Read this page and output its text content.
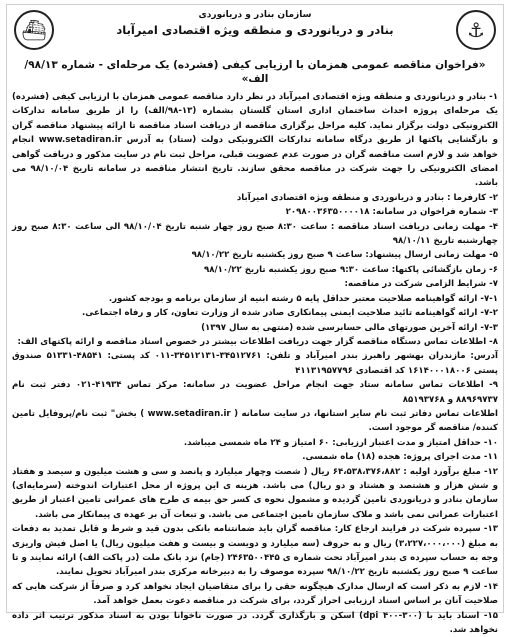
⚓
⛴
سازمان بنادر و دریانوردی
بنادر و دریانوردی و منطقه ویژه اقتصادی امیرآباد
«فراخوان مناقصه عمومی همزمان با ارزیابی کیفی (فشرده) یک مرحله‌ای - شماره ۹۸/۱۳/الف»

۱- بنادر و دریانوردی و منطقه ویژه اقتصادی امیرآباد در نظر دارد مناقصه عمومی همزمان با ارزیابی کیفی (فشرده) یک مرحله‌ای پروژه احداث ساختمان اداری استان گلستان بشماره (۱۳-۹۸/الف) را از طریق سامانه تدارکات الکترونیکی دولت برگزار نماید. کلیه مراحل برگزاری مناقصه از دریافت اسناد مناقصه تا ارائه پیشنهاد مناقصه گران و بازگشایی پاکتها از طریق درگاه سامانه تدارکات الکترونیکی دولت (ستاد) به آدرس www.setadiran.ir انجام خواهد شد و لازم است مناقصه گران در صورت عدم عضویت قبلی، مراحل ثبت نام در سایت مذکور و دریافت گواهی امضای الکترونیکی را جهت شرکت در مناقصه محقق سازند. تاریخ انتشار مناقصه در سامانه تاریخ ۹۸/۱۰/۰۴ می باشد.

۲- کارفرما : بنادر و دریانوردی و منطقه ویژه اقتصادی امیرآباد

۳- شماره فراخوان در سامانه: ۲۰۹۸۰۰۳۶۳۵۰۰۰۰۱۸

۴- مهلت زمانی دریافت اسناد مناقصه : ساعت ۸:۳۰ صبح روز چهار شنبه تاریخ ۹۸/۱۰/۰۴ الی ساعت ۸:۳۰ صبح روز چهارشنبه تاریخ ۹۸/۱۰/۱۱

۵- مهلت زمانی ارسال پیشنهاد: ساعت ۹ صبح روز یکشنبه تاریخ ۹۸/۱۰/۲۲

۶- زمان بازگشائی پاکتها: ساعت ۹:۳۰ صبح روز یکشنبه تاریخ ۹۸/۱۰/۲۲

۷- شرایط الزامی شرکت در مناقصه:

۷-۱- ارائه گواهینامه صلاحیت معتبر حداقل پایه ۵ رشته ابنیه از سازمان برنامه و بودجه کشور.

۷-۲- ارائه گواهینامه تائید صلاحیت ایمنی پیمانکاری صادر شده از وزارت تعاون، کار و رفاه اجتماعی.

۷-۳- ارائه آخرین صورتهای مالی حسابرسی شده (منتهی به سال ۱۳۹۷)

۸- اطلاعات تماس دستگاه مناقصه گزار جهت دریافت اطلاعات بیشتر در خصوص اسناد مناقصه و ارائه پاکتهای الف:

آدرس: مازندران بهشهر راهبرز بندر امیرآباد و تلفن: ۳۴۵۱۲۷۶۱-۳۴۵۱۲۱۳۱-۰۱۱ کد پستی: ۴۸۵۴۱-۵۱۳۳۱ صندوق پستی ۱۶۱۴۰۰۰۱۸۰۰۶ کد اقتصادی ۴۱۱۳۱۹۵۷۷۹۶

۹- اطلاعات تماس سامانه ستاد جهت انجام مراحل عضویت در سامانه: مرکز تماس ۴۱۹۳۴-۰۲۱ دفتر ثبت نام ۸۸۹۶۹۷۳۷ و ۸۵۱۹۳۷۶۸

اطلاعات تماس دفاتر ثبت نام سایر استانها، در سایت سامانه ( www.setadiran.ir ) بخش" ثبت نام/پروفایل تامین کننده/ مناقصه گر موجود است.

۱۰- حداقل امتیاز و مدت اعتبار ارزیابی: ۶۰ امتیاز و ۲۴ ماه شمسی میباشد.

۱۱- مدت اجرای پروژه: هجده (۱۸) ماه شمسی.

۱۲- مبلغ برآورد اولیه : ۶۴،۵۳۸،۳۷۶،۸۸۲ ریال ( شصت وچهار میلیارد و پانصد و سی و هشت میلیون و سیصد و هفتاد و شش هزار و هشتصد و هشتاد و دو ریال) می باشد. هزینه ی این پروژه از محل اعتبارات اندوخته (سرمایه‌ای) سازمان بنادر و دریانوردی تامین گردیده و مشمول نحوه ی کسر حق بیمه ی طرح های عمرانی تامین اعتبار از طریق اعتبارات عمرانی نمی باشد و ملاک سازمان تامین اجتماعی می باشد. و تبعات آن بر عهده ی پیمانکار می باشد.

۱۳- سپرده شرکت در فرایند ارجاع کار: مناقصه گران باید ضمانتنامه بانکی بدون قید و شرط و قابل تمدید به دفعات به مبلغ (۳،۲۲۷،۰۰۰،۰۰۰) ریال و به حروف (سه میلیارد و دویست و بیست و هفت میلیون ریال) یا اصل فیش واریزی وجه به حساب سپرده ی بندر امیرآباد تحت شماره ی ۲۴۶۳۵۰۰۴۴۵ (جام) نزد بانک ملت (در پاکت الف) ارائه نمایند و تا ساعت ۹ صبح روز یکشنبه تاریخ ۹۸/۱۰/۲۲ سپرده موصوف را به دبیرخانه مرکزی بندر امیرآباد تحویل نمایند.

۱۴- لازم به ذکر است که ارسال مدارک هیچگونه حقی را برای متقاضیان ایجاد نخواهد کرد و صرفاً از شرکت هایی که صلاحیت آنان بر اساس اسناد ارزیابی احراز گردد، برای شرکت در مناقصه دعوت بعمل خواهد آمد.

۱۵- اسناد باید با (dpi ۴۰۰-۳۰۰) اسکن و بارگذاری گردد. در صورت ناخوانا بودن به اسناد مذکور ترتیب اثر داده نخواهد شد.
